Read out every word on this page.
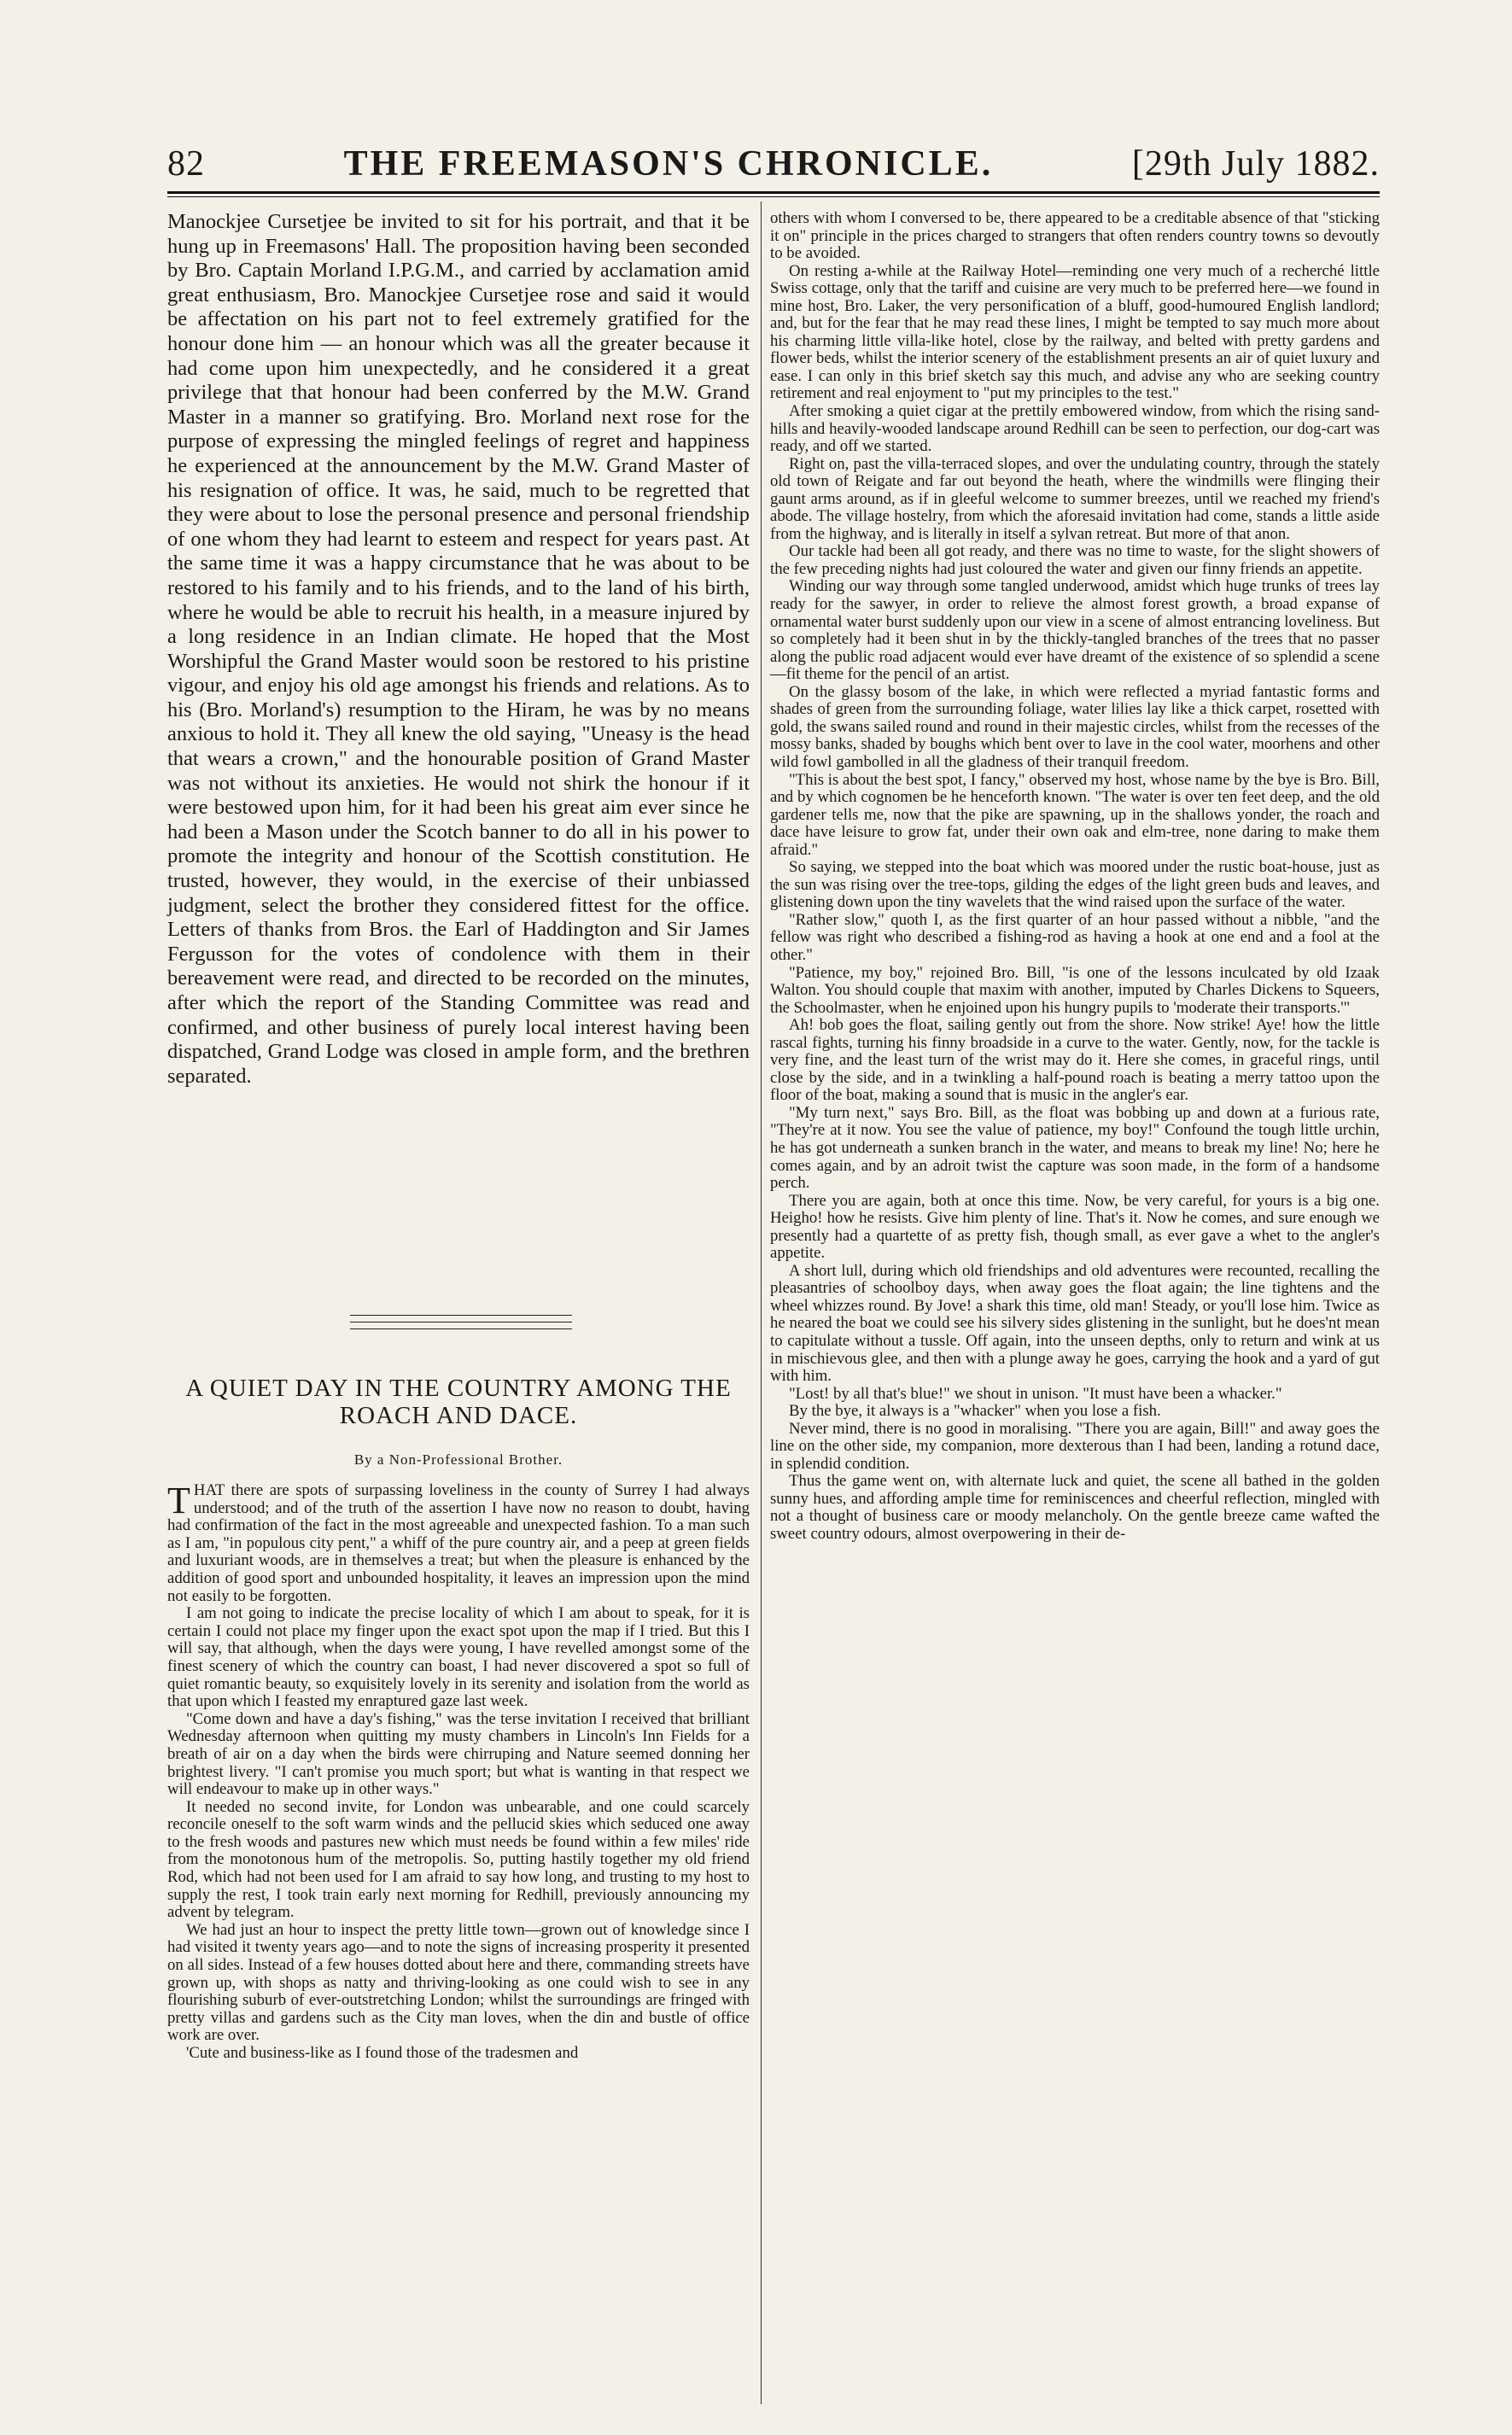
82	THE FREEMASON'S CHRONICLE.	[29th July 1882.

Manockjee Cursetjee be invited to sit for his portrait, and that it be hung up in Freemasons' Hall. The proposition having been seconded by Bro. Captain Morland I.P.G.M., and carried by acclamation amid great enthusiasm, Bro. Manockjee Cursetjee rose and said it would be affectation on his part not to feel extremely gratified for the honour done him — an honour which was all the greater because it had come upon him unexpectedly, and he considered it a great privilege that that honour had been conferred by the M.W. Grand Master in a manner so gratifying. Bro. Morland next rose for the purpose of expressing the mingled feelings of regret and happiness he experienced at the announcement by the M.W. Grand Master of his resignation of office. It was, he said, much to be regretted that they were about to lose the personal presence and personal friendship of one whom they had learnt to esteem and respect for years past. At the same time it was a happy circumstance that he was about to be restored to his family and to his friends, and to the land of his birth, where he would be able to recruit his health, in a measure injured by a long residence in an Indian climate. He hoped that the Most Worshipful the Grand Master would soon be restored to his pristine vigour, and enjoy his old age amongst his friends and relations. As to his (Bro. Morland's) resumption to the Hiram, he was by no means anxious to hold it. They all knew the old saying, "Uneasy is the head that wears a crown," and the honourable position of Grand Master was not without its anxieties. He would not shirk the honour if it were bestowed upon him, for it had been his great aim ever since he had been a Mason under the Scotch banner to do all in his power to promote the integrity and honour of the Scottish constitution. He trusted, however, they would, in the exercise of their unbiassed judgment, select the brother they considered fittest for the office. Letters of thanks from Bros. the Earl of Haddington and Sir James Fergusson for the votes of condolence with them in their bereavement were read, and directed to be recorded on the minutes, after which the report of the Standing Committee was read and confirmed, and other business of purely local interest having been dispatched, Grand Lodge was closed in ample form, and the brethren separated.

A QUIET DAY IN THE COUNTRY AMONG THE ROACH AND DACE.
By a Non-Professional Brother.

THAT there are spots of surpassing loveliness in the county of Surrey I had always understood; and of the truth of the assertion I have now no reason to doubt, having had confirmation of the fact in the most agreeable and unexpected fashion. To a man such as I am, "in populous city pent," a whiff of the pure country air, and a peep at green fields and luxuriant woods, are in themselves a treat; but when the pleasure is enhanced by the addition of good sport and unbounded hospitality, it leaves an impression upon the mind not easily to be forgotten.

I am not going to indicate the precise locality of which I am about to speak, for it is certain I could not place my finger upon the exact spot upon the map if I tried. But this I will say, that although, when the days were young, I have revelled amongst some of the finest scenery of which the country can boast, I had never discovered a spot so full of quiet romantic beauty, so exquisitely lovely in its serenity and isolation from the world as that upon which I feasted my enraptured gaze last week.

"Come down and have a day's fishing," was the terse invitation I received that brilliant Wednesday afternoon when quitting my musty chambers in Lincoln's Inn Fields for a breath of air on a day when the birds were chirruping and Nature seemed donning her brightest livery. "I can't promise you much sport; but what is wanting in that respect we will endeavour to make up in other ways."

It needed no second invite, for London was unbearable, and one could scarcely reconcile oneself to the soft warm winds and the pellucid skies which seduced one away to the fresh woods and pastures new which must needs be found within a few miles' ride from the monotonous hum of the metropolis. So, putting hastily together my old friend Rod, which had not been used for I am afraid to say how long, and trusting to my host to supply the rest, I took train early next morning for Redhill, previously announcing my advent by telegram.

We had just an hour to inspect the pretty little town—grown out of knowledge since I had visited it twenty years ago—and to note the signs of increasing prosperity it presented on all sides. Instead of a few houses dotted about here and there, commanding streets have grown up, with shops as natty and thriving-looking as one could wish to see in any flourishing suburb of ever-outstretching London; whilst the surroundings are fringed with pretty villas and gardens such as the City man loves, when the din and bustle of office work are over.

'Cute and business-like as I found those of the tradesmen and

others with whom I conversed to be, there appeared to be a creditable absence of that "sticking it on" principle in the prices charged to strangers that often renders country towns so devoutly to be avoided.

On resting a-while at the Railway Hotel—reminding one very much of a recherché little Swiss cottage, only that the tariff and cuisine are very much to be preferred here—we found in mine host, Bro. Laker, the very personification of a bluff, good-humoured English landlord; and, but for the fear that he may read these lines, I might be tempted to say much more about his charming little villa-like hotel, close by the railway, and belted with pretty gardens and flower beds, whilst the interior scenery of the establishment presents an air of quiet luxury and ease. I can only in this brief sketch say this much, and advise any who are seeking country retirement and real enjoyment to "put my principles to the test."

After smoking a quiet cigar at the prettily embowered window, from which the rising sand-hills and heavily-wooded landscape around Redhill can be seen to perfection, our dog-cart was ready, and off we started.

Right on, past the villa-terraced slopes, and over the undulating country, through the stately old town of Reigate and far out beyond the heath, where the windmills were flinging their gaunt arms around, as if in gleeful welcome to summer breezes, until we reached my friend's abode. The village hostelry, from which the aforesaid invitation had come, stands a little aside from the highway, and is literally in itself a sylvan retreat. But more of that anon.

Our tackle had been all got ready, and there was no time to waste, for the slight showers of the few preceding nights had just coloured the water and given our finny friends an appetite.

Winding our way through some tangled underwood, amidst which huge trunks of trees lay ready for the sawyer, in order to relieve the almost forest growth, a broad expanse of ornamental water burst suddenly upon our view in a scene of almost entrancing loveliness. But so completely had it been shut in by the thickly-tangled branches of the trees that no passer along the public road adjacent would ever have dreamt of the existence of so splendid a scene—fit theme for the pencil of an artist.

On the glassy bosom of the lake, in which were reflected a myriad fantastic forms and shades of green from the surrounding foliage, water lilies lay like a thick carpet, rosetted with gold, the swans sailed round and round in their majestic circles, whilst from the recesses of the mossy banks, shaded by boughs which bent over to lave in the cool water, moorhens and other wild fowl gambolled in all the gladness of their tranquil freedom.

"This is about the best spot, I fancy," observed my host, whose name by the bye is Bro. Bill, and by which cognomen be he henceforth known. "The water is over ten feet deep, and the old gardener tells me, now that the pike are spawning, up in the shallows yonder, the roach and dace have leisure to grow fat, under their own oak and elm-tree, none daring to make them afraid."

So saying, we stepped into the boat which was moored under the rustic boat-house, just as the sun was rising over the tree-tops, gilding the edges of the light green buds and leaves, and glistening down upon the tiny wavelets that the wind raised upon the surface of the water.

"Rather slow," quoth I, as the first quarter of an hour passed without a nibble, "and the fellow was right who described a fishing-rod as having a hook at one end and a fool at the other."

"Patience, my boy," rejoined Bro. Bill, "is one of the lessons inculcated by old Izaak Walton. You should couple that maxim with another, imputed by Charles Dickens to Squeers, the Schoolmaster, when he enjoined upon his hungry pupils to 'moderate their transports.'"

Ah! bob goes the float, sailing gently out from the shore. Now strike! Aye! how the little rascal fights, turning his finny broadside in a curve to the water. Gently, now, for the tackle is very fine, and the least turn of the wrist may do it. Here she comes, in graceful rings, until close by the side, and in a twinkling a half-pound roach is beating a merry tattoo upon the floor of the boat, making a sound that is music in the angler's ear.

"My turn next," says Bro. Bill, as the float was bobbing up and down at a furious rate, "They're at it now. You see the value of patience, my boy!" Confound the tough little urchin, he has got underneath a sunken branch in the water, and means to break my line! No; here he comes again, and by an adroit twist the capture was soon made, in the form of a handsome perch.

There you are again, both at once this time. Now, be very careful, for yours is a big one. Heigho! how he resists. Give him plenty of line. That's it. Now he comes, and sure enough we presently had a quartette of as pretty fish, though small, as ever gave a whet to the angler's appetite.

A short lull, during which old friendships and old adventures were recounted, recalling the pleasantries of schoolboy days, when away goes the float again; the line tightens and the wheel whizzes round. By Jove! a shark this time, old man! Steady, or you'll lose him. Twice as he neared the boat we could see his silvery sides glistening in the sunlight, but he does'nt mean to capitulate without a tussle. Off again, into the unseen depths, only to return and wink at us in mischievous glee, and then with a plunge away he goes, carrying the hook and a yard of gut with him.

"Lost! by all that's blue!" we shout in unison. "It must have been a whacker."

By the bye, it always is a "whacker" when you lose a fish.

Never mind, there is no good in moralising. "There you are again, Bill!" and away goes the line on the other side, my companion, more dexterous than I had been, landing a rotund dace, in splendid condition.

Thus the game went on, with alternate luck and quiet, the scene all bathed in the golden sunny hues, and affording ample time for reminiscences and cheerful reflection, mingled with not a thought of business care or moody melancholy. On the gentle breeze came wafted the sweet country odours, almost overpowering in their de-
